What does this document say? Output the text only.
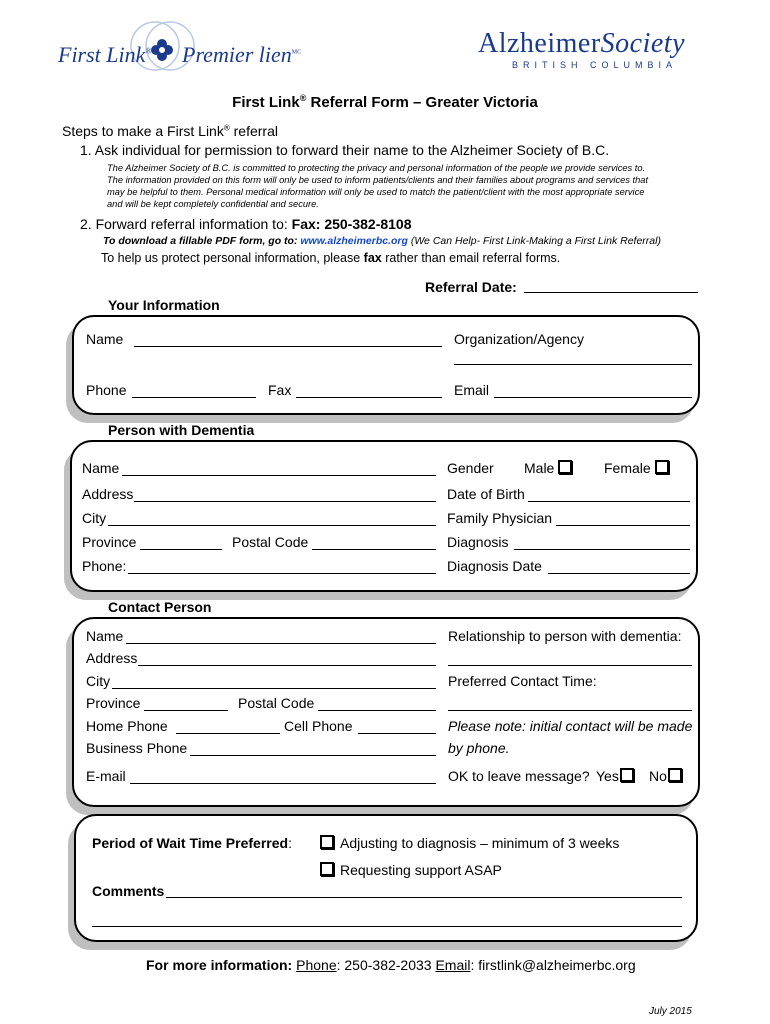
First Link® Premier lien$^{MC}$	AlzheimerSociety
BRITISH COLUMBIA
First Link® Referral Form – Greater Victoria
Steps to make a First Link® referral
1. Ask individual for permission to forward their name to the Alzheimer Society of B.C.
The Alzheimer Society of B.C. is committed to protecting the privacy and personal information of the people we provide services to.
The information provided on this form will only be used to inform patients/clients and their families about programs and services that
may be helpful to them. Personal medical information will only be used to match the patient/client with the most appropriate service
and will be kept completely confidential and secure.
2. Forward referral information to: Fax: 250-382-8108
To download a fillable PDF form, go to: www.alzheimerbc.org (We Can Help- First Link-Making a First Link Referral)
To help us protect personal information, please fax rather than email referral forms.
Referral Date:
Your Information
Name	Organization/Agency
Phone	Fax	Email
Person with Dementia
Name	Gender Male	Female
Address	Date of Birth
City	Family Physician
Province	Postal Code	Diagnosis
Phone:	Diagnosis Date
Contact Person
Name	Relationship to person with dementia:
Address
City	Preferred Contact Time:
Province	Postal Code
Home Phone	Cell Phone	Please note: initial contact will be made
Business Phone	by phone.
E-mail	OK to leave message? Yes	No
Period of Wait Time Preferred:	Adjusting to diagnosis – minimum of 3 weeks
Requesting support ASAP
Comments
For more information: Phone: 250-382-2033 Email: firstlink@alzheimerbc.org
July 2015
